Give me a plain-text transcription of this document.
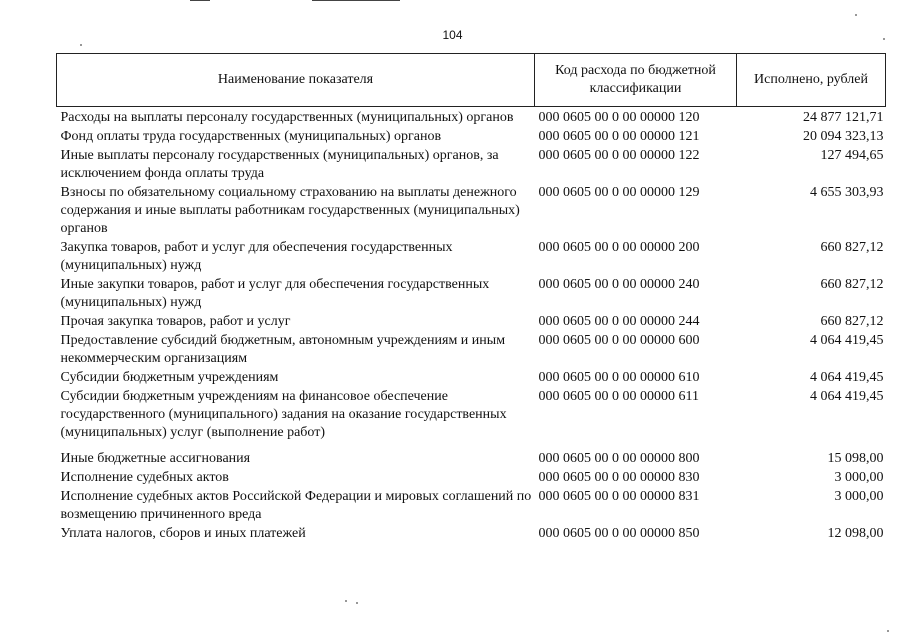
104
Наименование показателя	Код расхода по бюджетной классификации	Исполнено, рублей
Расходы на выплаты персоналу государственных (муниципальных) органов	000 0605 00 0 00 00000 120	24 877 121,71
Фонд оплаты труда государственных (муниципальных) органов	000 0605 00 0 00 00000 121	20 094 323,13
Иные выплаты персоналу государственных (муниципальных) органов, за исключением фонда оплаты труда	000 0605 00 0 00 00000 122	127 494,65
Взносы по обязательному социальному страхованию на выплаты денежного содержания и иные выплаты работникам государственных (муниципальных) органов	000 0605 00 0 00 00000 129	4 655 303,93
Закупка товаров, работ и услуг для обеспечения государственных (муниципальных) нужд	000 0605 00 0 00 00000 200	660 827,12
Иные закупки товаров, работ и услуг для обеспечения государственных (муниципальных) нужд	000 0605 00 0 00 00000 240	660 827,12
Прочая закупка товаров, работ и услуг	000 0605 00 0 00 00000 244	660 827,12
Предоставление субсидий бюджетным, автономным учреждениям и иным некоммерческим организациям	000 0605 00 0 00 00000 600	4 064 419,45
Субсидии бюджетным учреждениям	000 0605 00 0 00 00000 610	4 064 419,45
Субсидии бюджетным учреждениям на финансовое обеспечение государственного (муниципального) задания на оказание государственных (муниципальных) услуг (выполнение работ)	000 0605 00 0 00 00000 611	4 064 419,45
Иные бюджетные ассигнования	000 0605 00 0 00 00000 800	15 098,00
Исполнение судебных актов	000 0605 00 0 00 00000 830	3 000,00
Исполнение судебных актов Российской Федерации и мировых соглашений по возмещению причиненного вреда	000 0605 00 0 00 00000 831	3 000,00
Уплата налогов, сборов и иных платежей	000 0605 00 0 00 00000 850	12 098,00
